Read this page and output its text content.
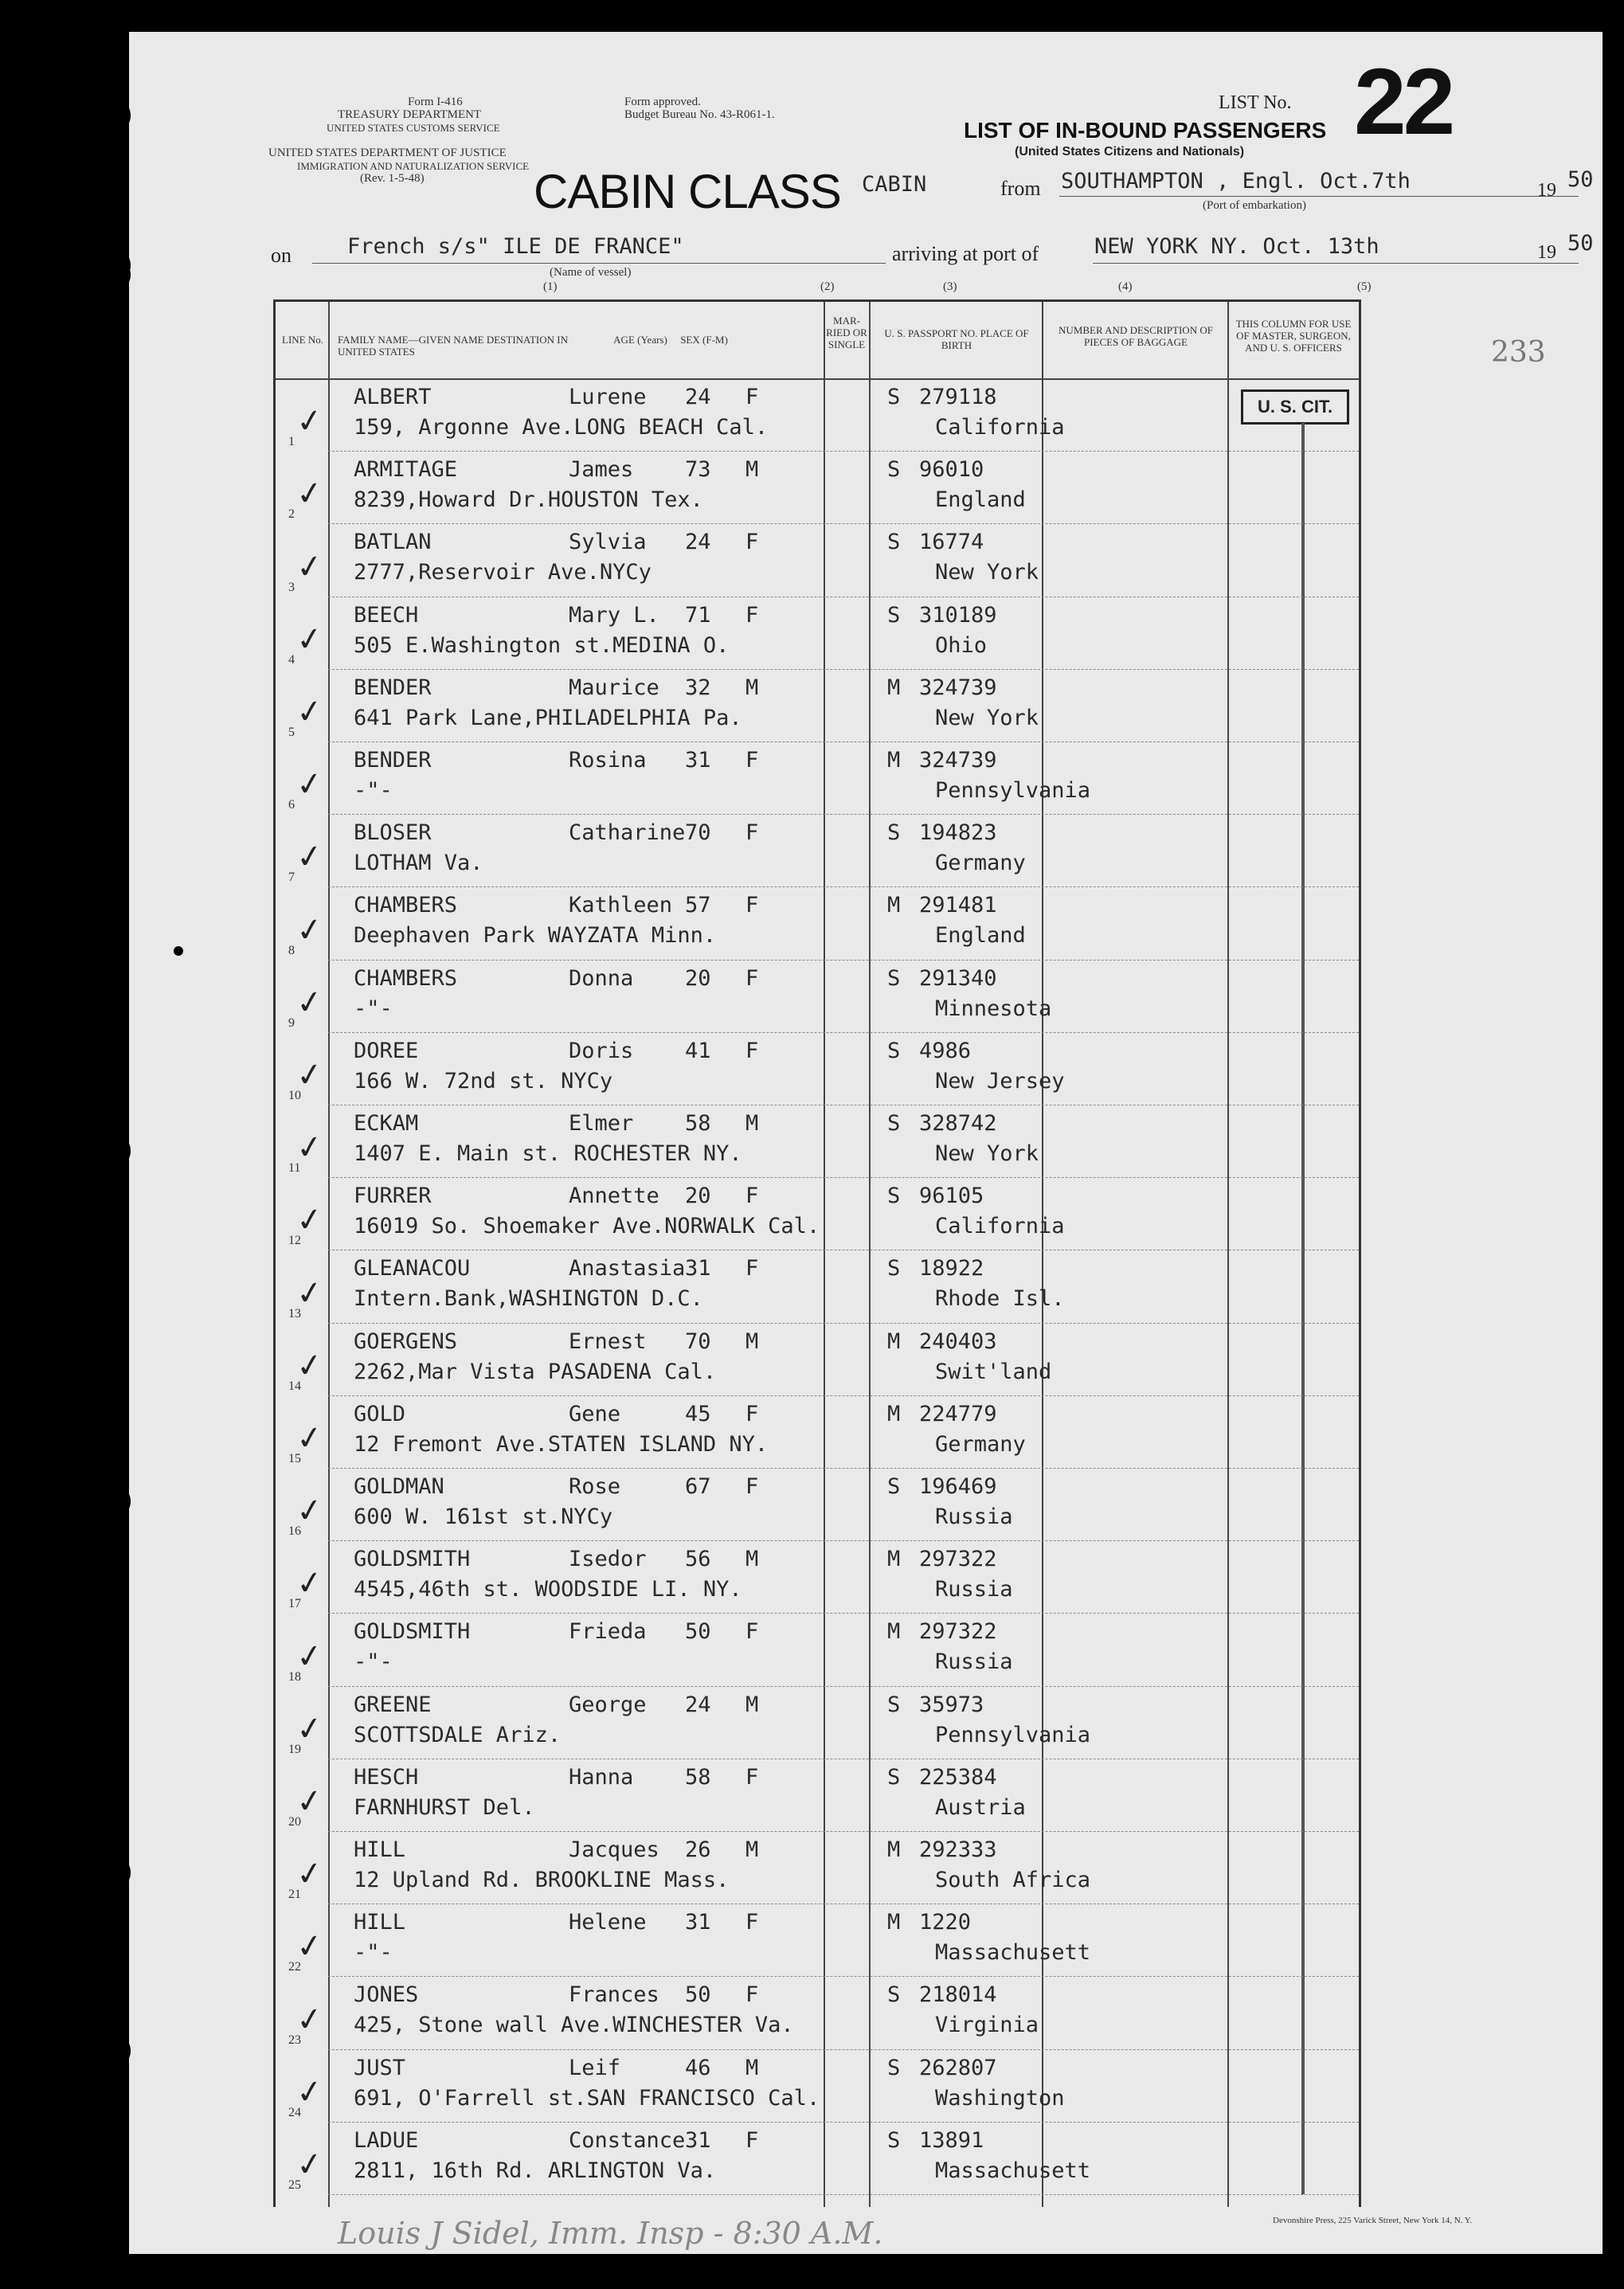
Form I-416
TREASURY DEPARTMENT
UNITED STATES CUSTOMS SERVICE
Form approved.
Budget Bureau No. 43-R061-1.
UNITED STATES DEPARTMENT OF JUSTICE
IMMIGRATION AND NATURALIZATION SERVICE
(Rev. 1-5-48)
LIST No. 22
LIST OF IN-BOUND PASSENGERS
(United States Citizens and Nationals)
CABIN CLASS CABIN	from SOUTHAMPTON , Engl. Oct.7th
(Port of embarkation)
19 50
on	French s/s" ILE DE FRANCE"
(Name of vessel)
arriving at port of	NEW YORK NY. Oct. 13th	19 50
(1)	(2)	(3)	(4)	(5)
233
LINE No.	FAMILY NAME—GIVEN NAME DESTINATION IN UNITED STATES
AGE (Years)	SEX (F-M)
MAR-RIED OR SINGLE
U. S. PASSPORT NO. PLACE OF BIRTH
NUMBER AND DESCRIPTION OF PIECES OF BAGGAGE
THIS COLUMN FOR USE OF MASTER, SURGEON, AND U. S. OFFICERS
U. S. CIT.
1
ALBERT	Lurene 24 F	S 279118
159, Argonne Ave.LONG BEACH Cal.	California
✓
2
ARMITAGE	James 73 M	S 96010
8239,Howard Dr.HOUSTON Tex.	England
✓
3
BATLAN	Sylvia 24 F	S 16774
2777,Reservoir Ave.NYCy	New York
✓
4
BEECH	Mary L. 71 F	S 310189
505 E.Washington st.MEDINA O.	Ohio
✓
5
BENDER	Maurice 32 M	M 324739
641 Park Lane,PHILADELPHIA Pa.	New York
✓
6
BENDER	Rosina 31 F	M 324739
-"-	Pennsylvania
✓
7
BLOSER	Catharine 70 F	S 194823
LOTHAM Va.	Germany
✓
8
CHAMBERS	Kathleen 57 F	M 291481
Deephaven Park WAYZATA Minn.	England
✓
9
CHAMBERS	Donna 20 F	S 291340
-"-	Minnesota
✓
10
DOREE	Doris 41 F	S 4986
166 W. 72nd st. NYCy	New Jersey
✓
11
ECKAM	Elmer 58 M	S 328742
1407 E. Main st. ROCHESTER NY.	New York
✓
12
FURRER	Annette 20 F	S 96105
16019 So. Shoemaker Ave.NORWALK Cal.	California
✓
13
GLEANACOU	Anastasia 31 F	S 18922
Intern.Bank,WASHINGTON D.C.	Rhode Isl.
✓
14
GOERGENS	Ernest 70 M	M 240403
2262,Mar Vista PASADENA Cal.	Swit'land
✓
15
GOLD	Gene	45 F	M 224779
12 Fremont Ave.STATEN ISLAND NY.	Germany
✓
16
GOLDMAN	Rose	67 F	S 196469
600 W. 161st st.NYCy	Russia
✓
17
GOLDSMITH	Isedor 56 M	M 297322
4545,46th st. WOODSIDE LI. NY.	Russia
✓
18
GOLDSMITH	Frieda 50 F	M 297322
-"-	Russia
✓
19
GREENE	George 24 M	S 35973
SCOTTSDALE Ariz.	Pennsylvania
✓
20
HESCH	Hanna 58 F	S 225384
FARNHURST Del.	Austria
✓
21
HILL	Jacques 26 M	M 292333
12 Upland Rd. BROOKLINE Mass.	South Africa
✓
22
HILL	Helene 31 F	M 1220
-"-	Massachusett
✓
23
JONES	Frances 50 F	S 218014
425, Stone wall Ave.WINCHESTER Va.	Virginia
✓
24
JUST	Leif	46 M	S 262807
691, O'Farrell st.SAN FRANCISCO Cal.	Washington
✓
25
LADUE	Constance 31 F	S 13891
2811, 16th Rd. ARLINGTON Va.	Massachusett
✓
Louis J Sidel, Imm. Insp - 8:30 A.M.	Devonshire Press, 225 Varick Street, New York 14, N. Y.
